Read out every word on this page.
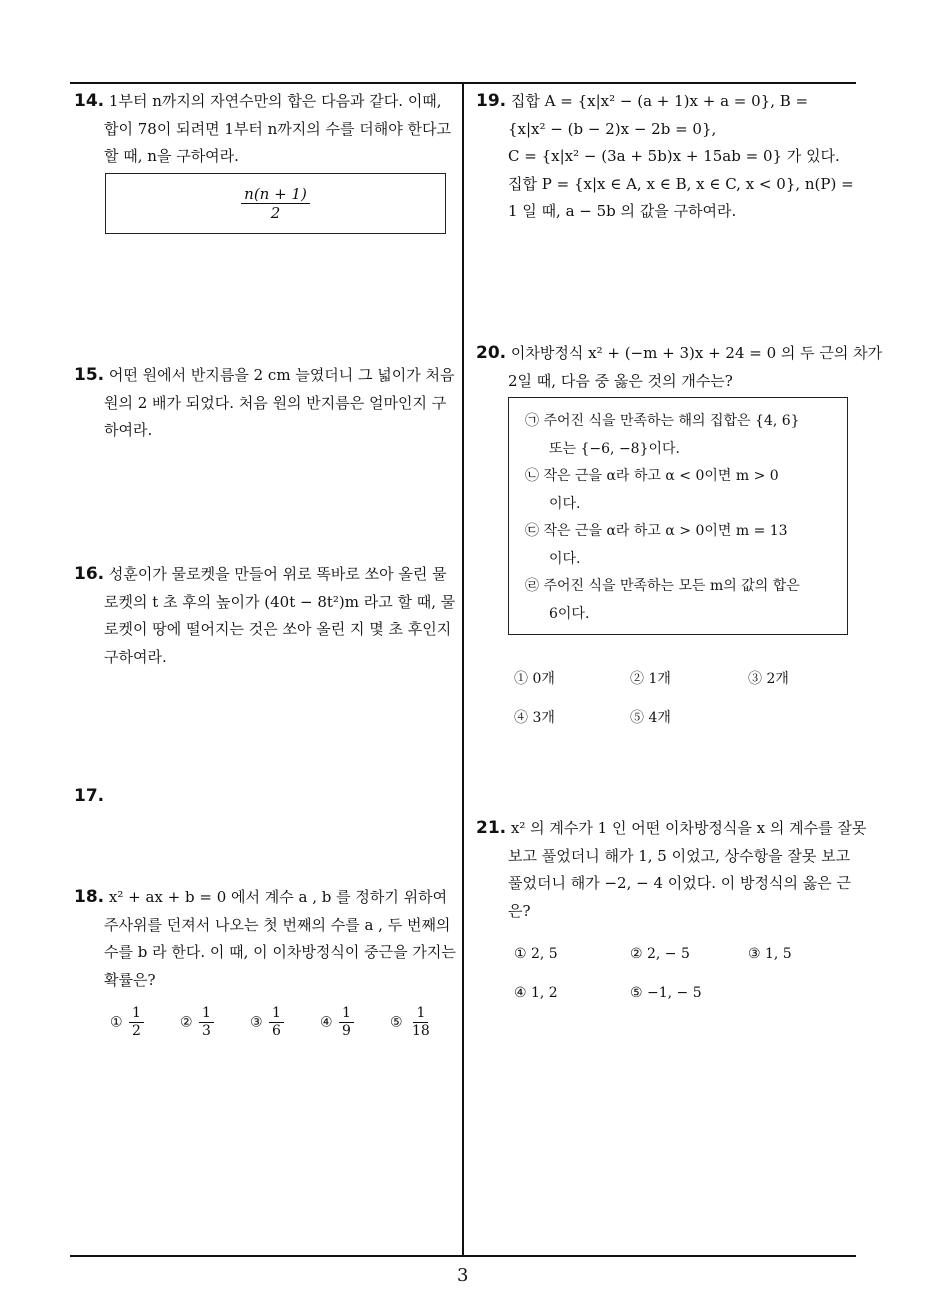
3
14. 1부터 n까지의 자연수만의 합은 다음과 같다. 이때,
합이 78이 되려면 1부터 n까지의 수를 더해야 한다고
할 때, n을 구하여라.
$\frac{n(n + 1)}{2}$
15. 어떤 원에서 반지름을 2 cm 늘였더니 그 넓이가 처음
원의 2 배가 되었다. 처음 원의 반지름은 얼마인지 구
하여라.
16. 성훈이가 물로켓을 만들어 위로 똑바로 쏘아 올린 물
로켓의 t 초 후의 높이가 (40t − 8t²)m 라고 할 때, 물
로켓이 땅에 떨어지는 것은 쏘아 올린 지 몇 초 후인지
구하여라.
17.
18. x² + ax + b = 0 에서 계수 a , b 를 정하기 위하여
주사위를 던져서 나오는 첫 번째의 수를 a , 두 번째의
수를 b 라 한다. 이 때, 이 이차방정식이 중근을 가지는
확률은?
① $\frac{1}{2}$	② $\frac{1}{3}$	③ $\frac{1}{6}$	④ $\frac{1}{9}$	⑤ $\frac{1}{18}$
19. 집합 A = {x|x² − (a + 1)x + a = 0}, B =
{x|x² − (b − 2)x − 2b = 0},
C = {x|x² − (3a + 5b)x + 15ab = 0} 가 있다.
집합 P = {x|x ∈ A, x ∈ B, x ∈ C, x < 0}, n(P) =
1 일 때, a − 5b 의 값을 구하여라.
20. 이차방정식 x² + (−m + 3)x + 24 = 0 의 두 근의 차가
2일 때, 다음 중 옳은 것의 개수는?
㉠ 주어진 식을 만족하는 해의 집합은 {4, 6}
또는 {−6, −8}이다.
㉡ 작은 근을 α라 하고 α < 0이면 m > 0
이다.
㉢ 작은 근을 α라 하고 α > 0이면 m = 13
이다.
㉣ 주어진 식을 만족하는 모든 m의 값의 합은
6이다.
① 0개	② 1개	③ 2개
④ 3개	⑤ 4개
21. x² 의 계수가 1 인 어떤 이차방정식을 x 의 계수를 잘못
보고 풀었더니 해가 1, 5 이었고, 상수항을 잘못 보고
풀었더니 해가 −2, − 4 이었다. 이 방정식의 옳은 근
은?
① 2, 5	② 2, − 5	③ 1, 5
④ 1, 2	⑤ −1, − 5
